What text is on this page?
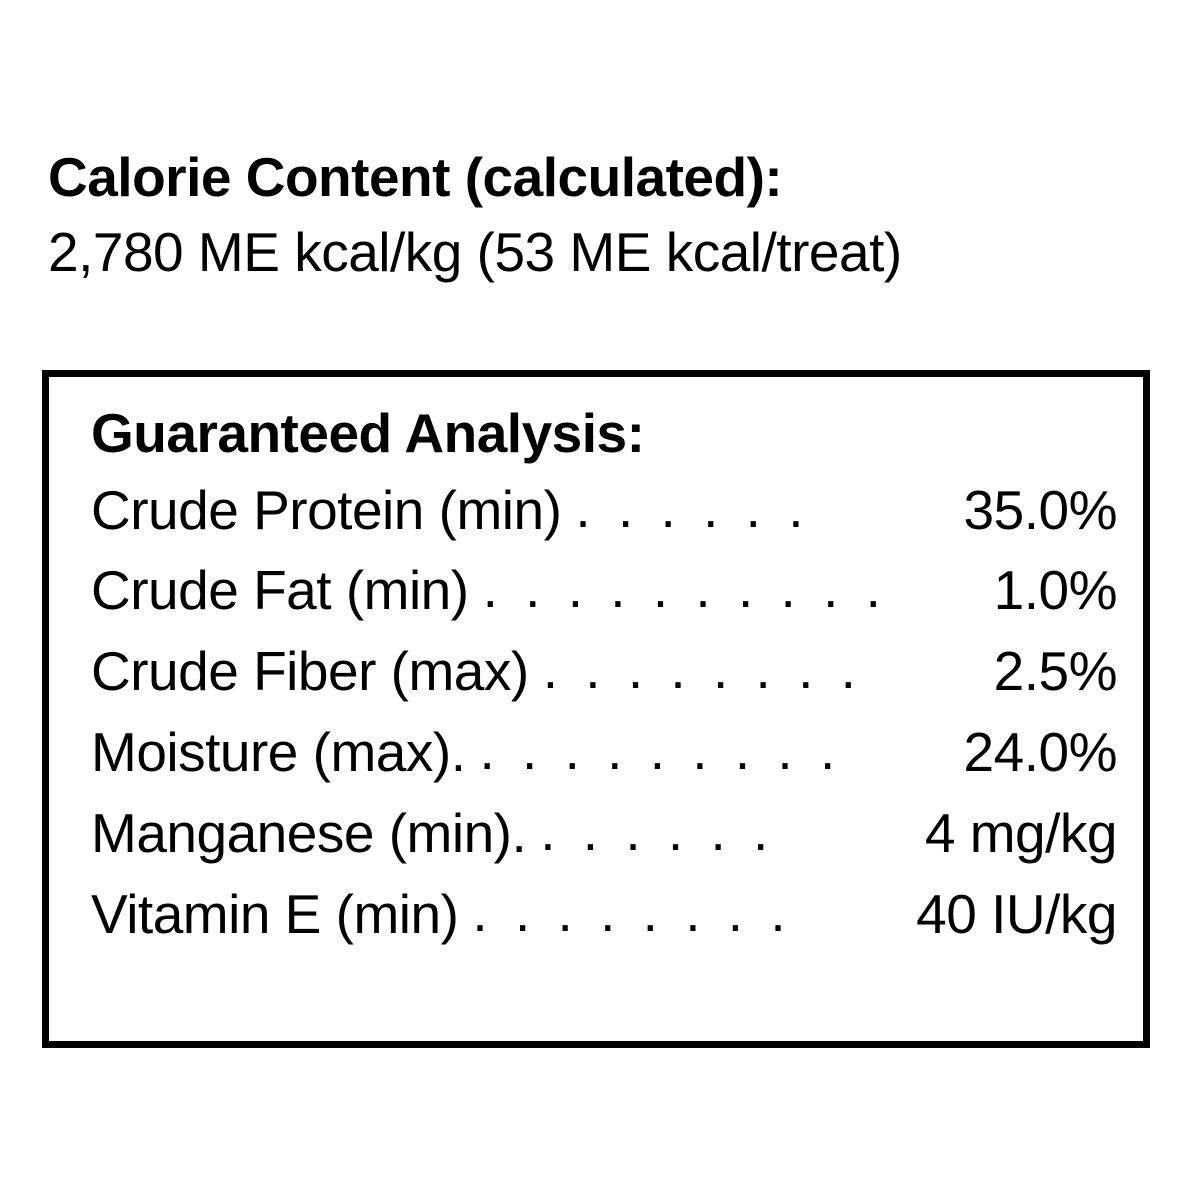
Calorie Content (calculated):
2,780 ME kcal/kg (53 ME kcal/treat)
Guaranteed Analysis:
Crude Protein (min) . . . . . .	35.0%
Crude Fat (min) . . . . . . . . . .	1.0%
Crude Fiber (max) . . . . . . . .	2.5%
Moisture (max). . . . . . . . . .	24.0%
Manganese (min). . . . . . .	4 mg/kg
Vitamin E (min) . . . . . . . .	40 IU/kg
